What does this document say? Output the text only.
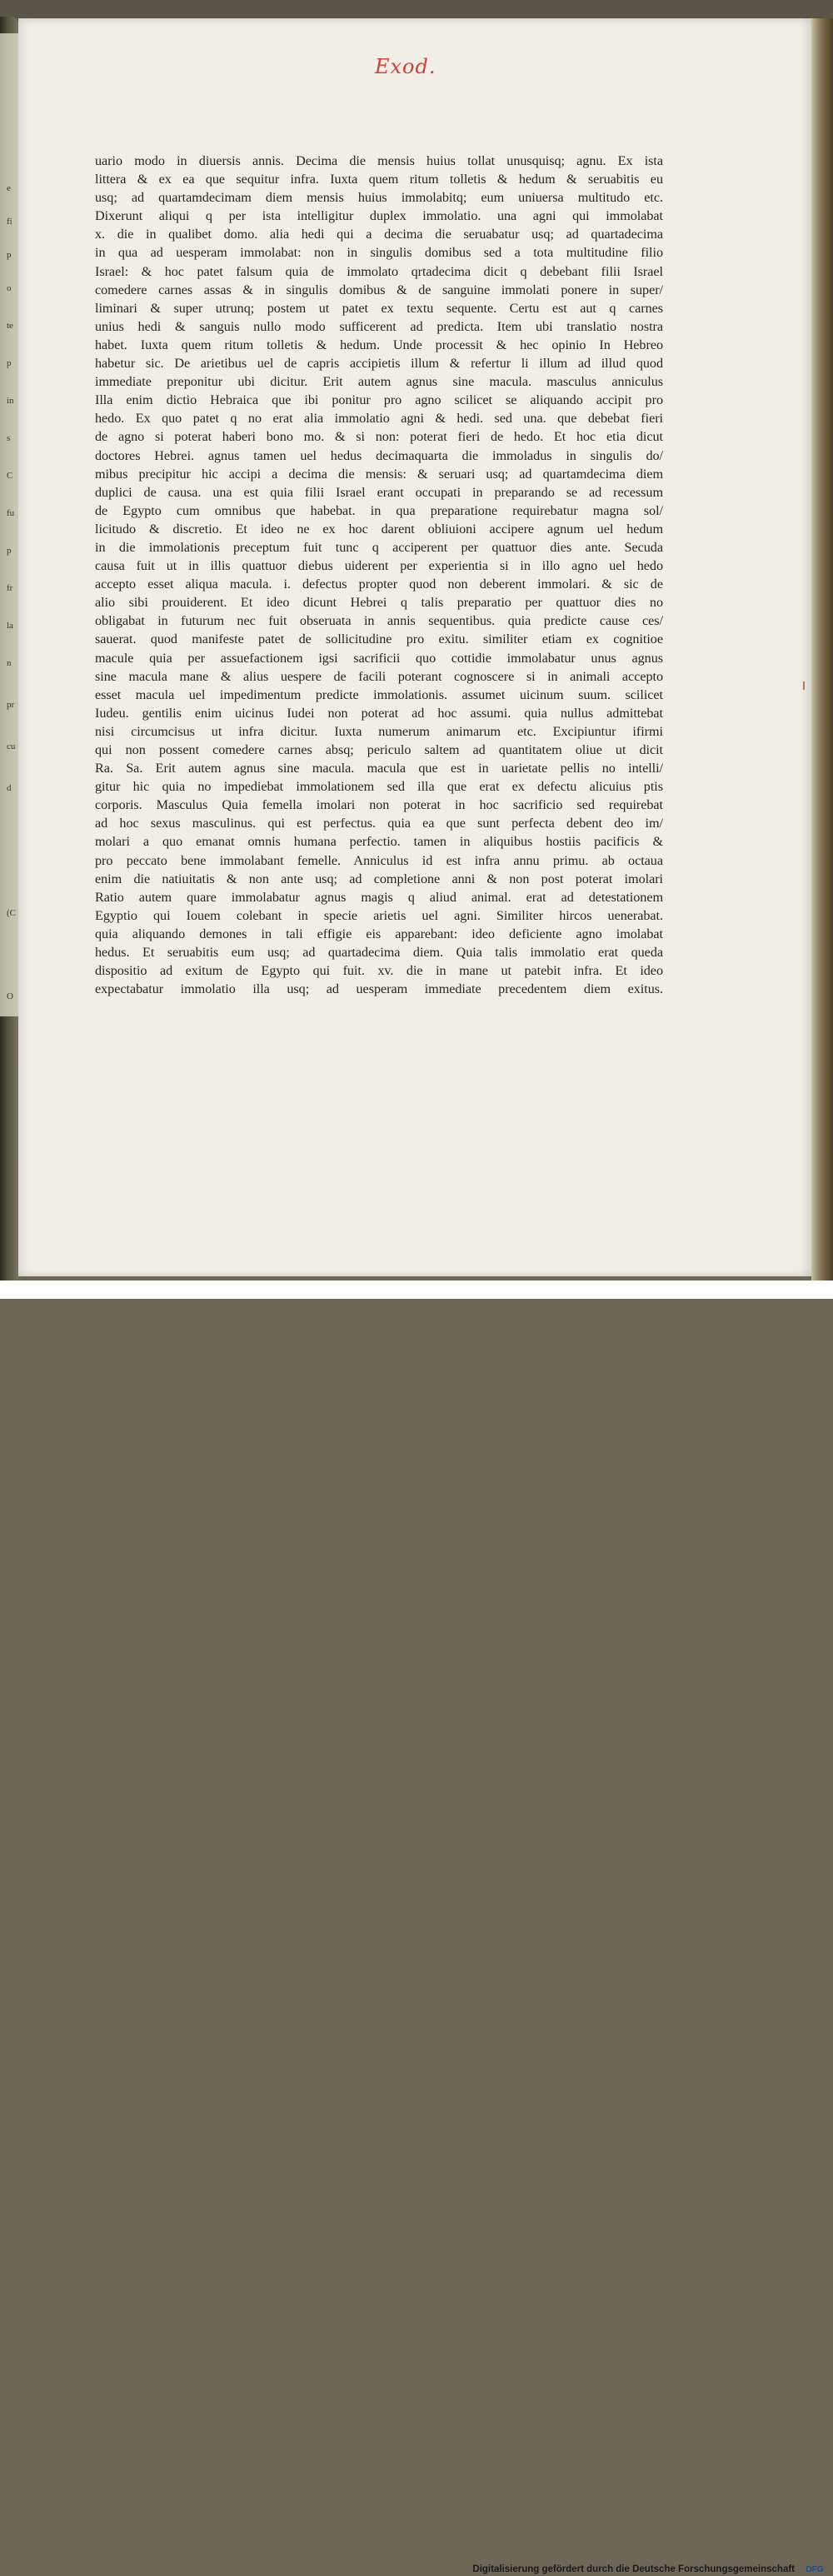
e
fi
p
o
te
p
in
s
C
fu
p
fr
la
n
pr
cu
d
(C
O
Exod.
uario modo in diuersis annis. Decima die mensis huius tollat unusquisq; agnu. Ex ista
littera & ex ea que sequitur infra. Iuxta quem ritum tolletis & hedum & seruabitis eu
usq; ad quartamdecimam diem mensis huius immolabitq; eum uniuersa multitudo etc.
Dixerunt aliqui q per ista intelligitur duplex immolatio. una agni qui immolabat
x. die in qualibet domo. alia hedi qui a decima die seruabatur usq; ad quartadecima
in qua ad uesperam immolabat: non in singulis domibus sed a tota multitudine filio
Israel: & hoc patet falsum quia de immolato qrtadecima dicit q debebant filii Israel
comedere carnes assas & in singulis domibus & de sanguine immolati ponere in super/
liminari & super utrunq; postem ut patet ex textu sequente. Certu est aut q carnes
unius hedi & sanguis nullo modo sufficerent ad predicta. Item ubi translatio nostra
habet. Iuxta quem ritum tolletis & hedum. Unde processit & hec opinio In Hebreo
habetur sic. De arietibus uel de capris accipietis illum & refertur li illum ad illud quod
immediate preponitur ubi dicitur. Erit autem agnus sine macula. masculus anniculus
Illa enim dictio Hebraica que ibi ponitur pro agno scilicet se aliquando accipit pro
hedo. Ex quo patet q no erat alia immolatio agni & hedi. sed una. que debebat fieri
de agno si poterat haberi bono mo. & si non: poterat fieri de hedo. Et hoc etia dicut
doctores Hebrei. agnus tamen uel hedus decimaquarta die immoladus in singulis do/
mibus precipitur hic accipi a decima die mensis: & seruari usq; ad quartamdecima diem
duplici de causa. una est quia filii Israel erant occupati in preparando se ad recessum
de Egypto cum omnibus que habebat. in qua preparatione requirebatur magna sol/
licitudo & discretio. Et ideo ne ex hoc darent obliuioni accipere agnum uel hedum
in die immolationis preceptum fuit tunc q acciperent per quattuor dies ante. Secuda
causa fuit ut in illis quattuor diebus uiderent per experientia si in illo agno uel hedo
accepto esset aliqua macula. i. defectus propter quod non deberent immolari. & sic de
alio sibi prouiderent. Et ideo dicunt Hebrei q talis preparatio per quattuor dies no
obligabat in futurum nec fuit obseruata in annis sequentibus. quia predicte cause ces/
sauerat. quod manifeste patet de sollicitudine pro exitu. similiter etiam ex cognitioe
macule quia per assuefactionem igsi sacrificii quo cottidie immolabatur unus agnus
sine macula mane & alius uespere de facili poterant cognoscere si in animali accepto
esset macula uel impedimentum predicte immolationis. assumet uicinum suum. scilicet
Iudeu. gentilis enim uicinus Iudei non poterat ad hoc assumi. quia nullus admittebat
nisi circumcisus ut infra dicitur. Iuxta numerum animarum etc. Excipiuntur ifirmi
qui non possent comedere carnes absq; periculo saltem ad quantitatem oliue ut dicit
Ra. Sa. Erit autem agnus sine macula. macula que est in uarietate pellis no intelli/
gitur hic quia no impediebat immolationem sed illa que erat ex defectu alicuius ptis
corporis. Masculus Quia femella imolari non poterat in hoc sacrificio sed requirebat
ad hoc sexus masculinus. qui est perfectus. quia ea que sunt perfecta debent deo im/
molari a quo emanat omnis humana perfectio. tamen in aliquibus hostiis pacificis &
pro peccato bene immolabant femelle. Anniculus id est infra annu primu. ab octaua
enim die natiuitatis & non ante usq; ad completione anni & non post poterat imolari
Ratio autem quare immolabatur agnus magis q aliud animal. erat ad detestationem
Egyptio qui Iouem colebant in specie arietis uel agni. Similiter hircos uenerabat.
quia aliquando demones in tali effigie eis apparebant: ideo deficiente agno imolabat
hedus. Et seruabitis eum usq; ad quartadecima diem. Quia talis immolatio erat queda
dispositio ad exitum de Egypto qui fuit. xv. die in mane ut patebit infra. Et ideo
expectabatur immolatio illa usq; ad uesperam immediate precedentem diem exitus.
Digitalisierung gefördert durch die Deutsche Forschungsgemeinschaft DFG
